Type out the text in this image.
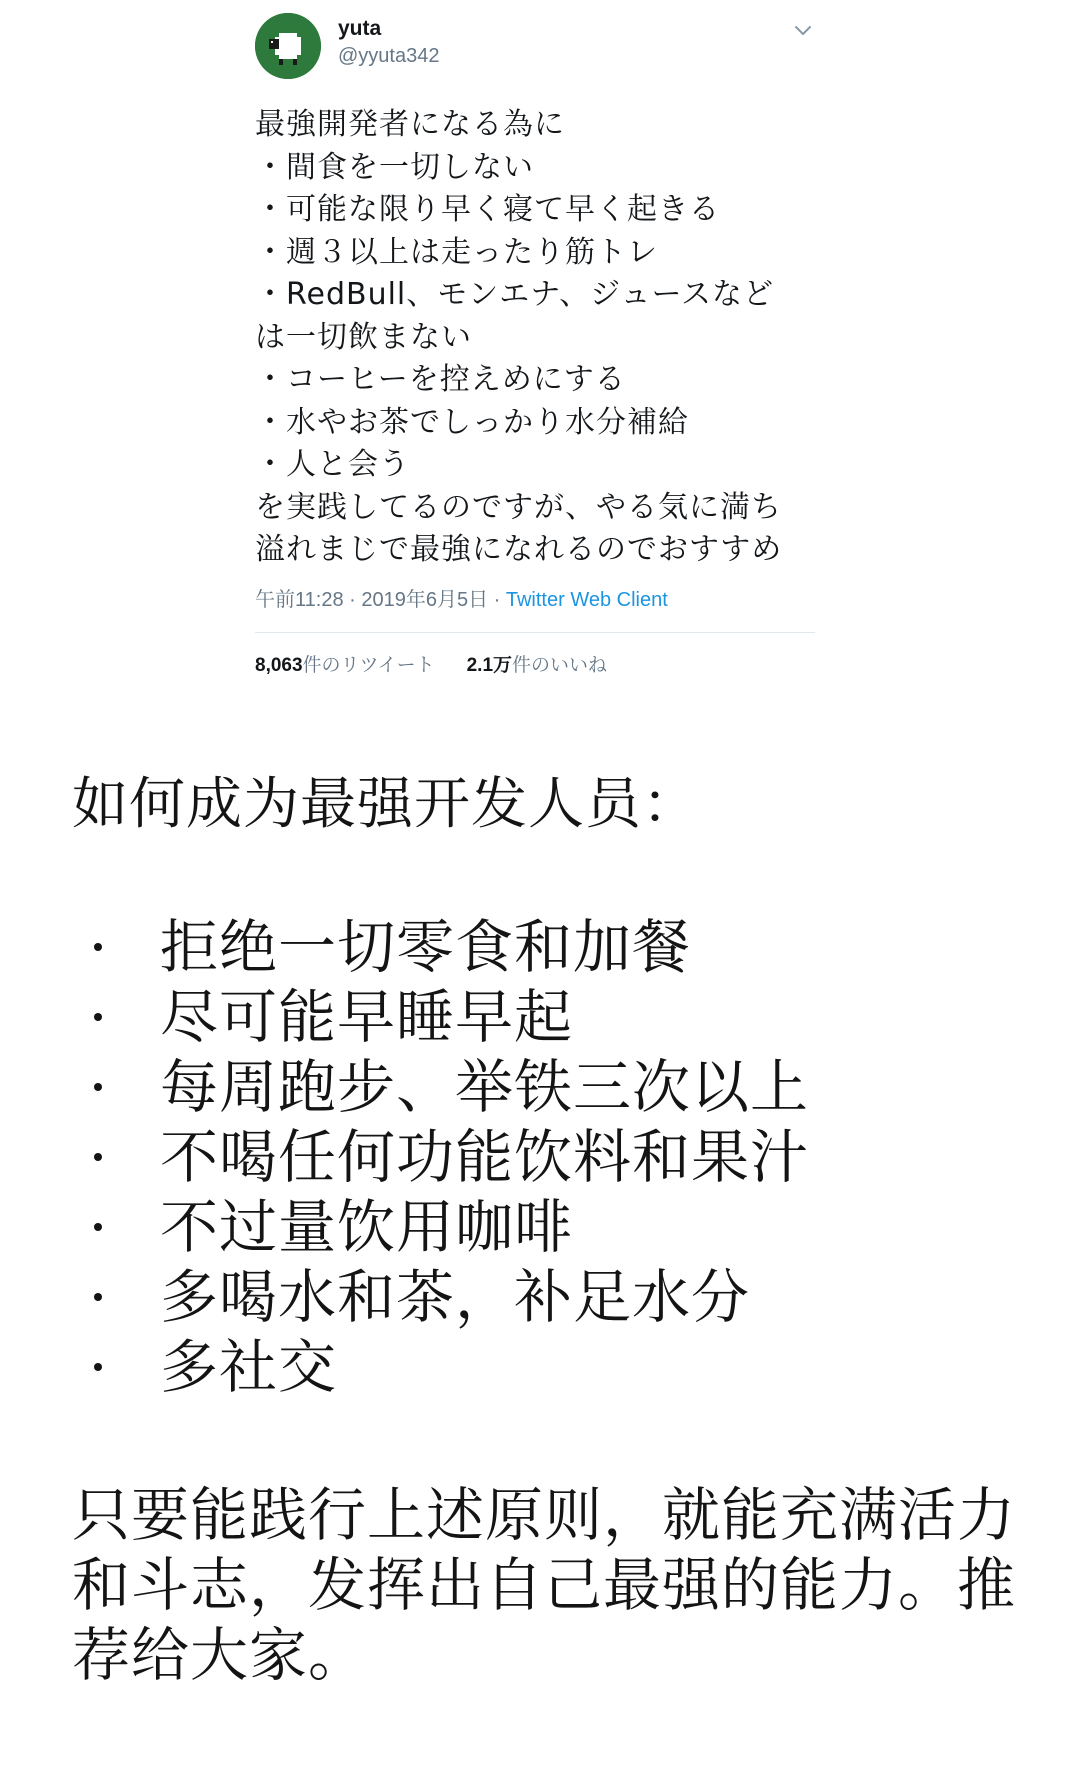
yuta
@yyuta342
最強開発者になる為に
・間食を一切しない
・可能な限り早く寝て早く起きる
・週３以上は走ったり筋トレ
・RedBull、モンエナ、ジュースなど
は一切飲まない
・コーヒーを控えめにする
・水やお茶でしっかり水分補給
・人と会う
を実践してるのですが、やる気に満ち
溢れまじで最強になれるのでおすすめ
午前11:28 · 2019年6月5日 · Twitter Web Client
8,063件のリツイート 2.1万件のいいね
如何成为最强开发人员：
拒绝一切零食和加餐
尽可能早睡早起
每周跑步、举铁三次以上
不喝任何功能饮料和果汁
不过量饮用咖啡
多喝水和茶，补足水分
多社交
只要能践行上述原则，就能充满活力
和斗志，发挥出自己最强的能力。推
荐给大家。
